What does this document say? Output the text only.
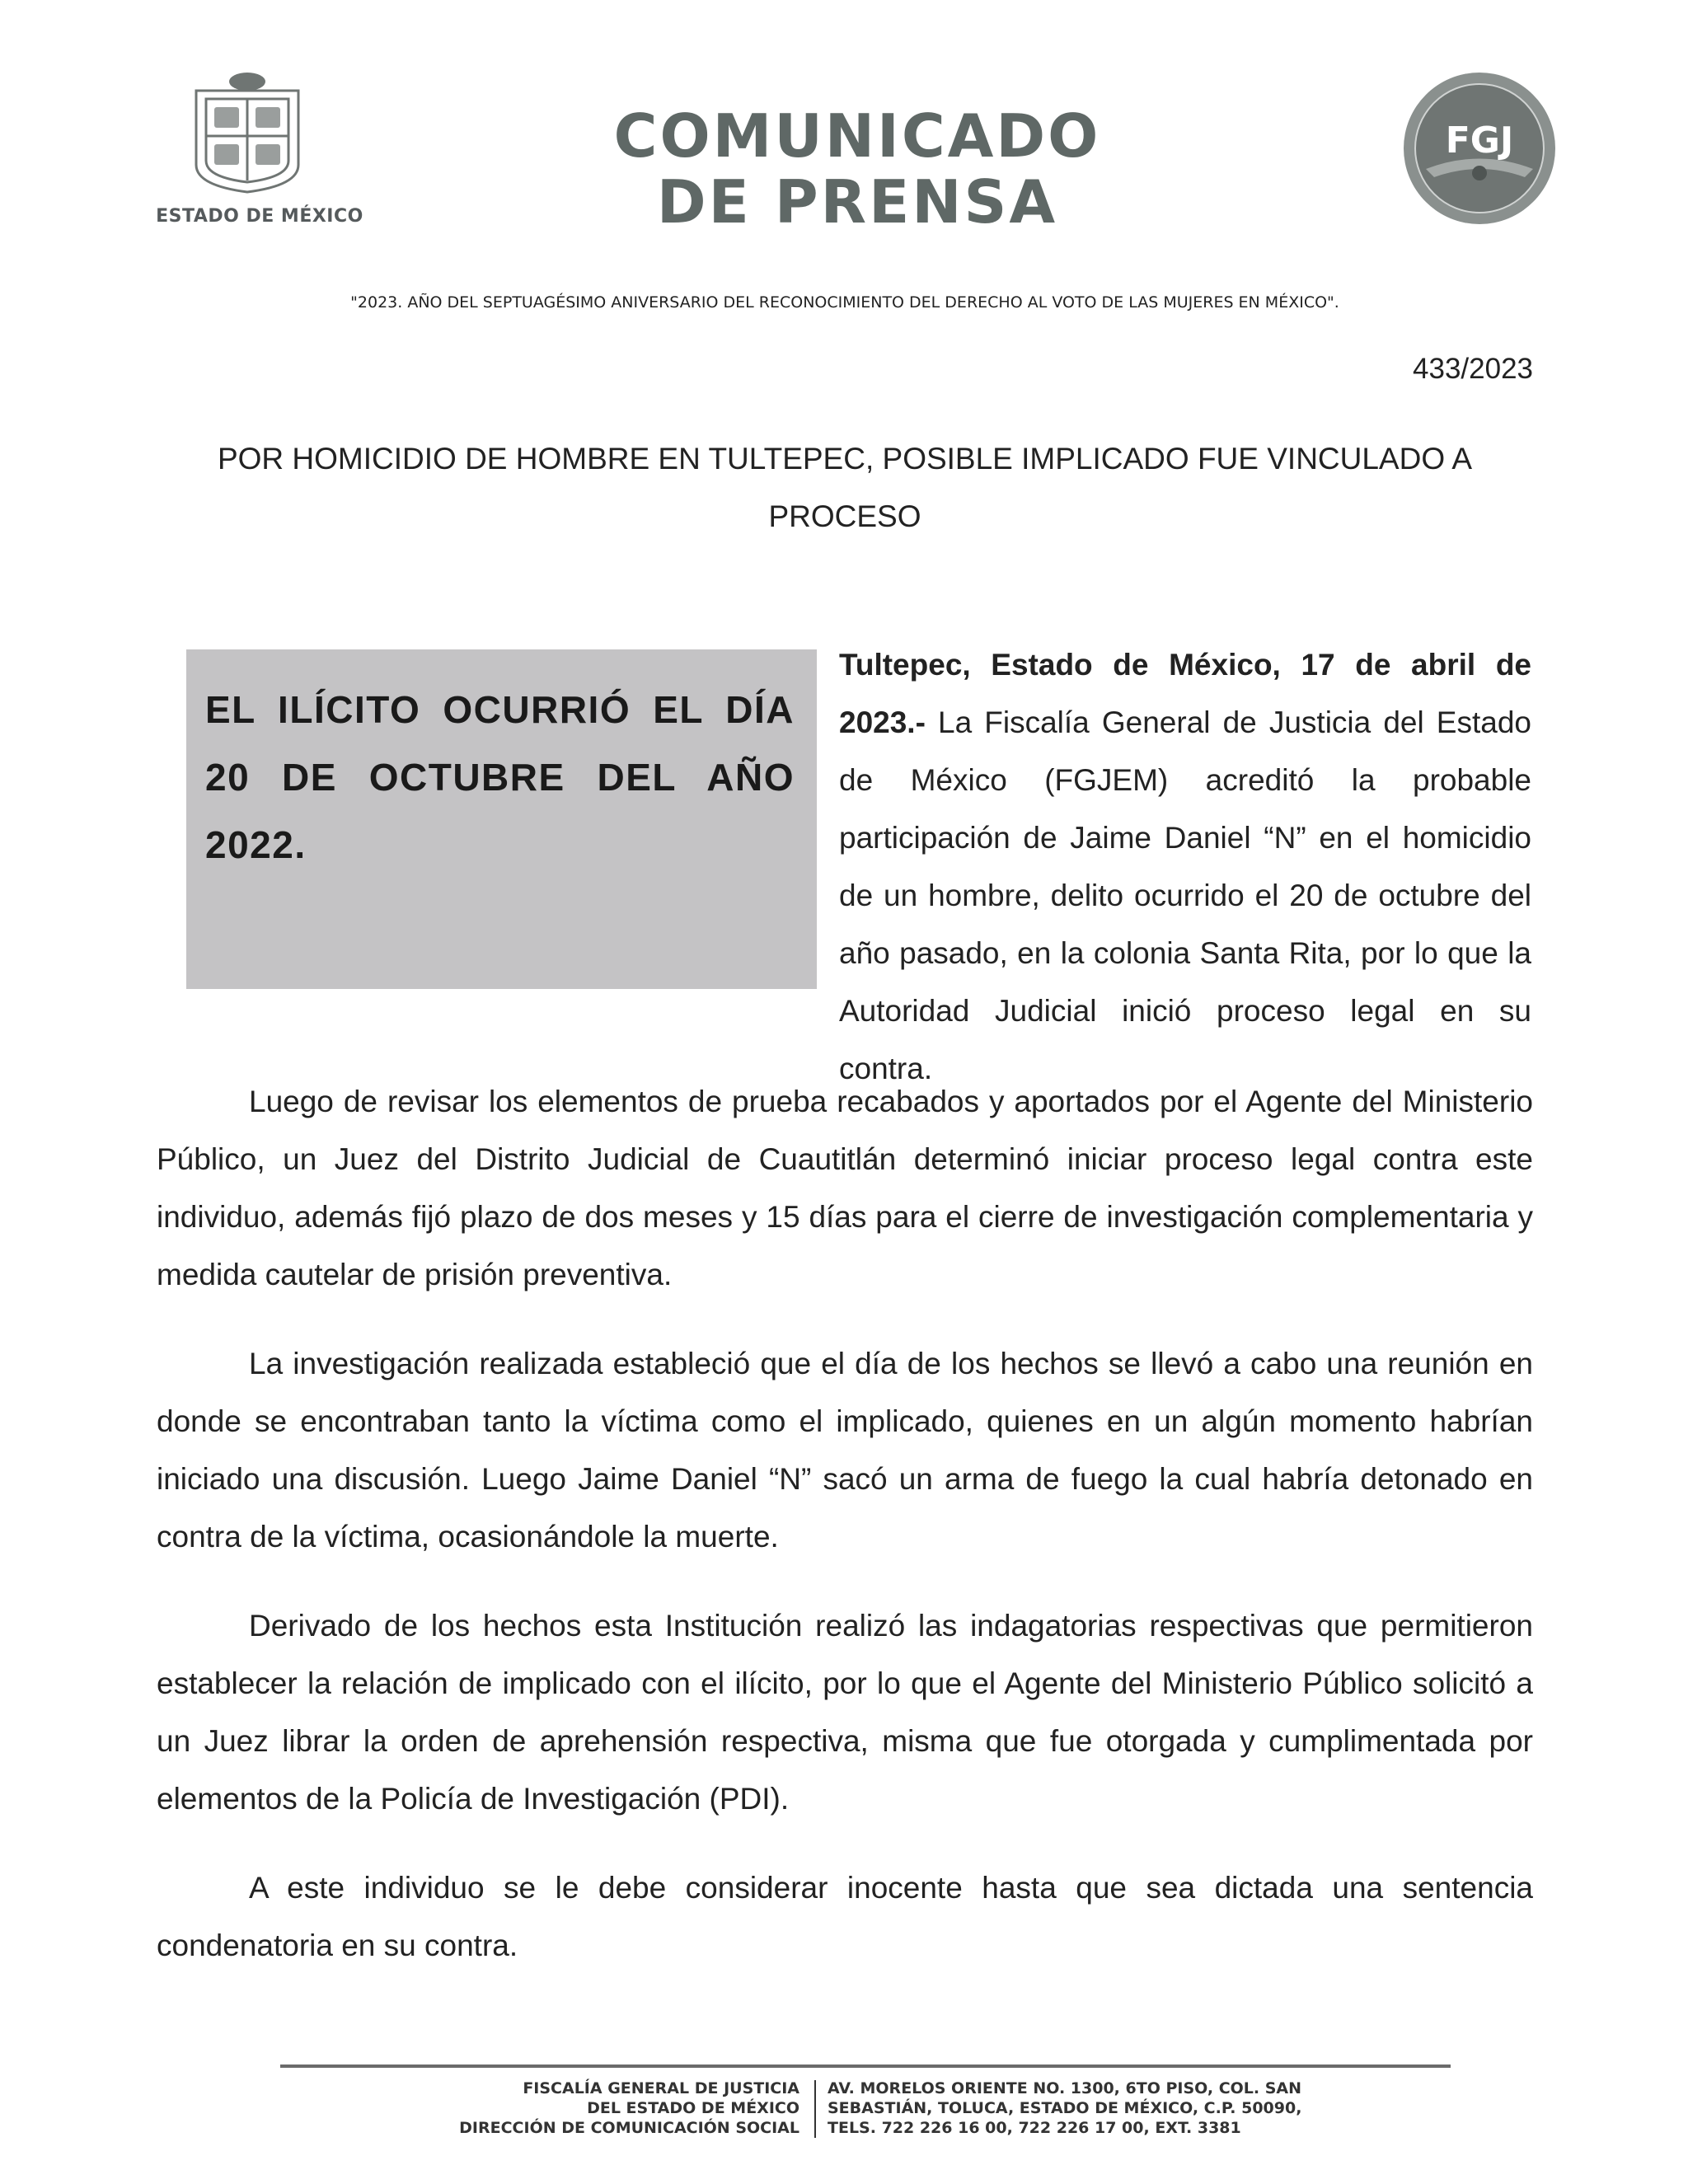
ESTADO DE MÉXICO
COMUNICADO
DE PRENSA
FGJ
"2023. AÑO DEL SEPTUAGÉSIMO ANIVERSARIO DEL RECONOCIMIENTO DEL DERECHO AL VOTO DE LAS MUJERES EN MÉXICO".
433/2023
POR HOMICIDIO DE HOMBRE EN TULTEPEC, POSIBLE IMPLICADO FUE VINCULADO A
PROCESO
EL ILÍCITO OCURRIÓ EL DÍA 20 DE OCTUBRE DEL AÑO 2022.
Tultepec, Estado de México, 17 de abril de 2023.- La Fiscalía General de Justicia del Estado de México (FGJEM) acreditó la probable participación de Jaime Daniel “N” en el homicidio de un hombre, delito ocurrido el 20 de octubre del año pasado, en la colonia Santa Rita, por lo que la Autoridad Judicial inició proceso legal en su contra.
Luego de revisar los elementos de prueba recabados y aportados por el Agente del Ministerio Público, un Juez del Distrito Judicial de Cuautitlán determinó iniciar proceso legal contra este individuo, además fijó plazo de dos meses y 15 días para el cierre de investigación complementaria y medida cautelar de prisión preventiva.
La investigación realizada estableció que el día de los hechos se llevó a cabo una reunión en donde se encontraban tanto la víctima como el implicado, quienes en un algún momento habrían iniciado una discusión. Luego Jaime Daniel “N” sacó un arma de fuego la cual habría detonado en contra de la víctima, ocasionándole la muerte.
Derivado de los hechos esta Institución realizó las indagatorias respectivas que permitieron establecer la relación de implicado con el ilícito, por lo que el Agente del Ministerio Público solicitó a un Juez librar la orden de aprehensión respectiva, misma que fue otorgada y cumplimentada por elementos de la Policía de Investigación (PDI).
A este individuo se le debe considerar inocente hasta que sea dictada una sentencia condenatoria en su contra.
FISCALÍA GENERAL DE JUSTICIA
DEL ESTADO DE MÉXICO
DIRECCIÓN DE COMUNICACIÓN SOCIAL
AV. MORELOS ORIENTE NO. 1300, 6TO PISO, COL. SAN
SEBASTIÁN, TOLUCA, ESTADO DE MÉXICO, C.P. 50090,
TELS. 722 226 16 00, 722 226 17 00, EXT. 3381
